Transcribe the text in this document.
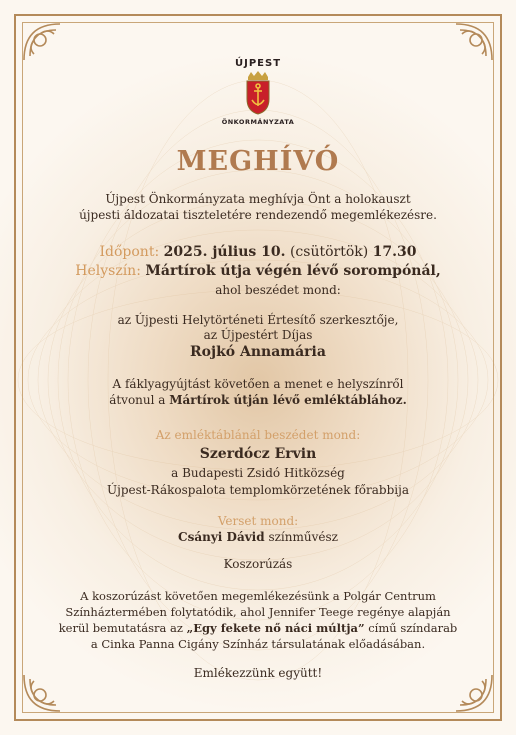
ÚJPEST
ÖNKORMÁNYZATA
MEGHÍVÓ
Újpest Önkormányzata meghívja Önt a holokauszt
újpesti áldozatai tiszteletére rendezendő megemlékezésre.
Időpont: 2025. július 10. (csütörtök) 17.30
Helyszín: Mártírok útja végén lévő sorompónál,
ahol beszédet mond:
az Újpesti Helytörténeti Értesítő szerkesztője,
az Újpestért Díjas
Rojkó Annamária
A fáklyagyújtást követően a menet e helyszínről
átvonul a Mártírok útján lévő emléktáblához.
Az emléktáblánál beszédet mond:
Szerdócz Ervin
a Budapesti Zsidó Hitközség
Újpest-Rákospalota templomkörzetének főrabbija
Verset mond:
Csányi Dávid színművész
Koszorúzás
A koszorúzást követően megemlékezésünk a Polgár Centrum
Színháztermében folytatódik, ahol Jennifer Teege regénye alapján
kerül bemutatásra az „Egy fekete nő náci múltja” című színdarab
a Cinka Panna Cigány Színház társulatának előadásában.
Emlékezzünk együtt!
